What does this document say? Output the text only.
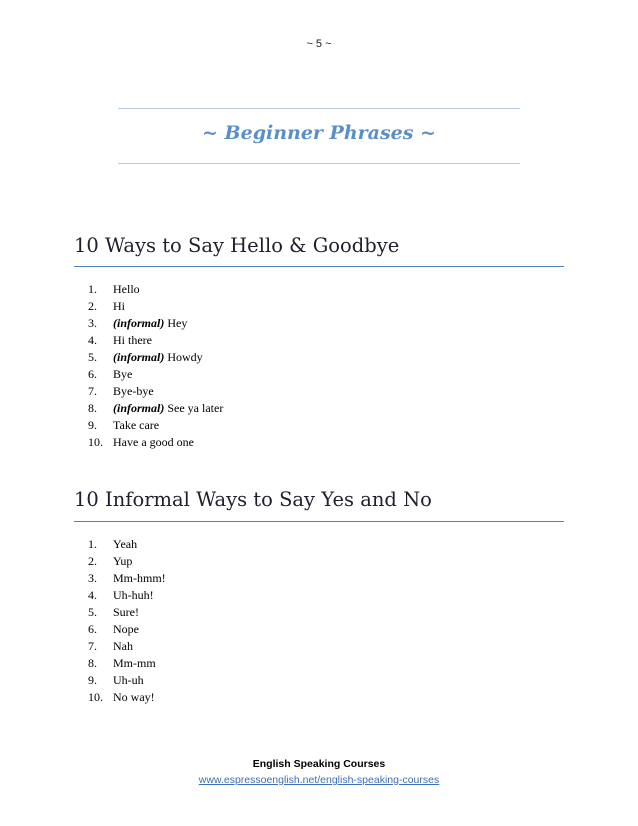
~ 5 ~
~ Beginner Phrases ~
10 Ways to Say Hello & Goodbye
1. Hello
2. Hi
3. (informal) Hey
4. Hi there
5. (informal) Howdy
6. Bye
7. Bye-bye
8. (informal) See ya later
9. Take care
10. Have a good one
10 Informal Ways to Say Yes and No
1. Yeah
2. Yup
3. Mm-hmm!
4. Uh-huh!
5. Sure!
6. Nope
7. Nah
8. Mm-mm
9. Uh-uh
10. No way!
English Speaking Courses
www.espressoenglish.net/english-speaking-courses
